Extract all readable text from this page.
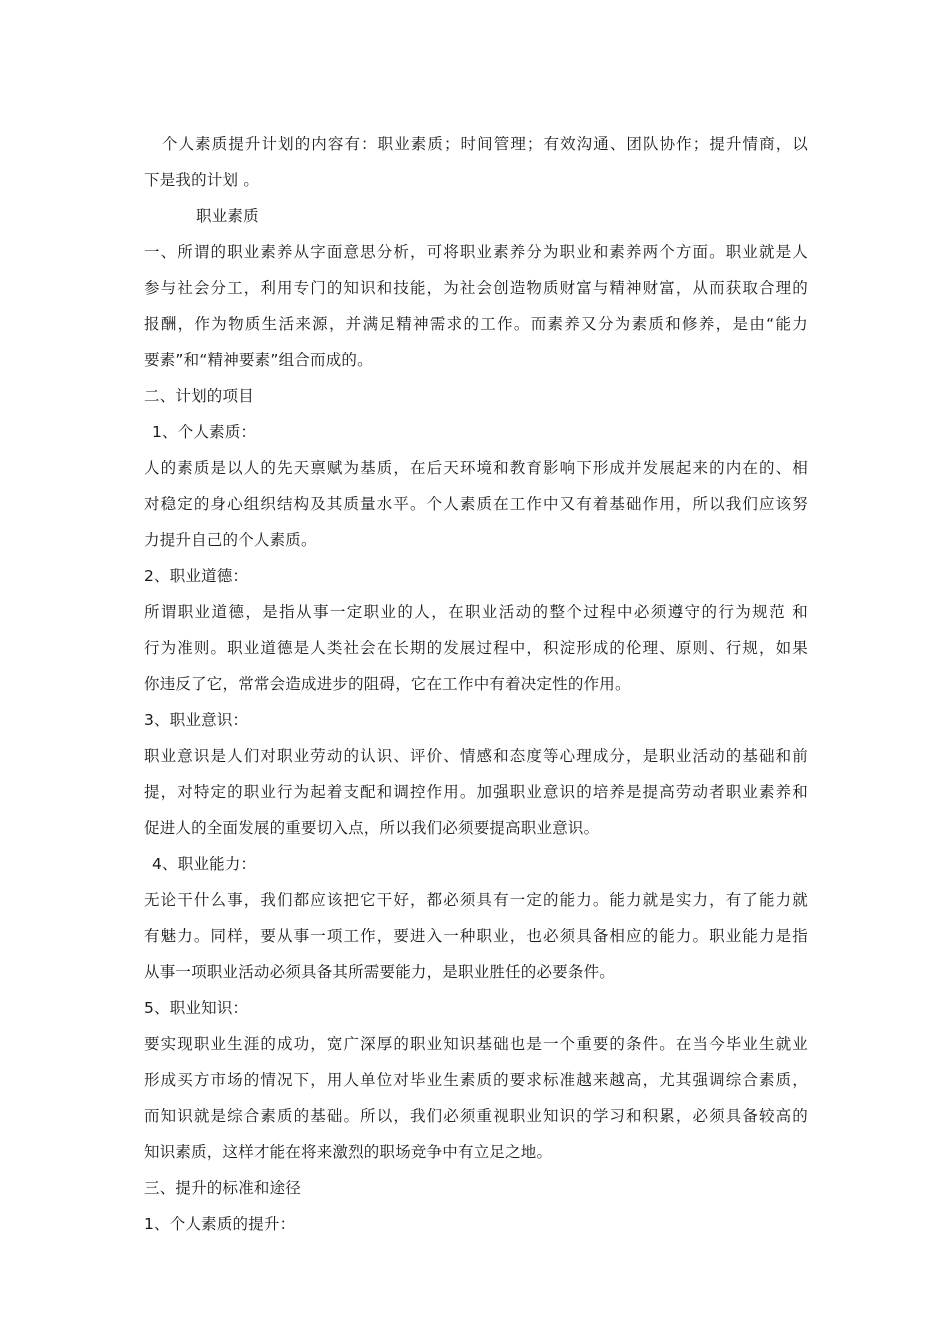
个人素质提升计划的内容有：职业素质；时间管理；有效沟通、团队协作；提升情商，以
下是我的计划 。
职业素质
一、所谓的职业素养从字面意思分析，可将职业素养分为职业和素养两个方面。职业就是人
参与社会分工，利用专门的知识和技能，为社会创造物质财富与精神财富，从而获取合理的
报酬，作为物质生活来源，并满足精神需求的工作。而素养又分为素质和修养，是由“能力
要素”和“精神要素”组合而成的。
二、计划的项目
1、个人素质：
人的素质是以人的先天禀赋为基质，在后天环境和教育影响下形成并发展起来的内在的、相
对稳定的身心组织结构及其质量水平。个人素质在工作中又有着基础作用，所以我们应该努
力提升自己的个人素质。
2、职业道德：
所谓职业道德，是指从事一定职业的人，在职业活动的整个过程中必须遵守的行为规范 和
行为准则。职业道德是人类社会在长期的发展过程中，积淀形成的伦理、原则、行规，如果
你违反了它，常常会造成进步的阻碍，它在工作中有着决定性的作用。
3、职业意识：
职业意识是人们对职业劳动的认识、评价、情感和态度等心理成分，是职业活动的基础和前
提，对特定的职业行为起着支配和调控作用。加强职业意识的培养是提高劳动者职业素养和
促进人的全面发展的重要切入点，所以我们必须要提高职业意识。
4、职业能力：
无论干什么事，我们都应该把它干好，都必须具有一定的能力。能力就是实力，有了能力就
有魅力。同样，要从事一项工作，要进入一种职业，也必须具备相应的能力。职业能力是指
从事一项职业活动必须具备其所需要能力，是职业胜任的必要条件。
5、职业知识：
要实现职业生涯的成功，宽广深厚的职业知识基础也是一个重要的条件。在当今毕业生就业
形成买方市场的情况下，用人单位对毕业生素质的要求标准越来越高，尤其强调综合素质，
而知识就是综合素质的基础。所以，我们必须重视职业知识的学习和积累，必须具备较高的
知识素质，这样才能在将来激烈的职场竞争中有立足之地。
三、提升的标准和途径
1、个人素质的提升：
